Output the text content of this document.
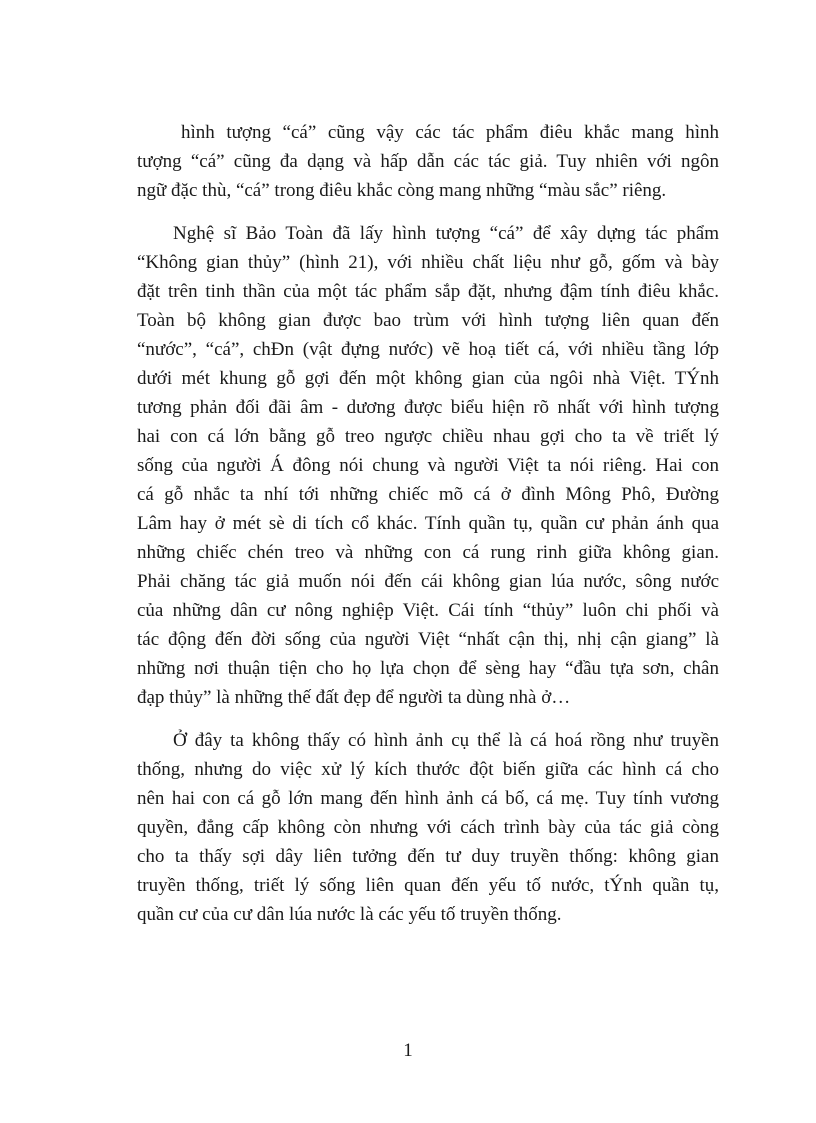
hình tượng “cá” cũng vậy các tác phẩm điêu khắc mang hình
tượng “cá” cũng đa dạng và hấp dẫn các tác giả. Tuy nhiên với ngôn
ngữ đặc thù, “cá” trong điêu khắc còng mang những “màu sắc” riêng.
Nghệ sĩ Bảo Toàn đã lấy hình tượng “cá” để xây dựng tác phẩm
“Không gian thủy” (hình 21), với nhiều chất liệu như gỗ, gốm và bày
đặt trên tinh thần của một tác phẩm sắp đặt, nhưng đậm tính điêu khắc.
Toàn bộ không gian được bao trùm với hình tượng liên quan đến
“nước”, “cá”, chĐn (vật đựng nước) vẽ hoạ tiết cá, với nhiều tầng lớp
dưới mét khung gỗ gợi đến một không gian của ngôi nhà Việt. TÝnh
tương phản đối đãi âm - dương được biểu hiện rõ nhất với hình tượng
hai con cá lớn bằng gỗ treo ngược chiều nhau gợi cho ta về triết lý
sống của người Á đông nói chung và người Việt ta nói riêng. Hai con
cá gỗ nhắc ta nhí tới những chiếc mõ cá ở đình Mông Phô, Đường
Lâm hay ở mét sè di tích cổ khác. Tính quần tụ, quần cư phản ánh qua
những chiếc chén treo và những con cá rung rinh giữa không gian.
Phải chăng tác giả muốn nói đến cái không gian lúa nước, sông nước
của những dân cư nông nghiệp Việt. Cái tính “thủy” luôn chi phối và
tác động đến đời sống của người Việt “nhất cận thị, nhị cận giang” là
những nơi thuận tiện cho họ lựa chọn để sèng hay “đầu tựa sơn, chân
đạp thủy” là những thế đất đẹp để người ta dùng nhà ở…
Ở đây ta không thấy có hình ảnh cụ thể là cá hoá rồng như truyền
thống, nhưng do việc xử lý kích thước đột biến giữa các hình cá cho
nên hai con cá gỗ lớn mang đến hình ảnh cá bố, cá mẹ. Tuy tính vương
quyền, đẳng cấp không còn nhưng với cách trình bày của tác giả còng
cho ta thấy sợi dây liên tưởng đến tư duy truyền thống: không gian
truyền thống, triết lý sống liên quan đến yếu tố nước, tÝnh quần tụ,
quần cư của cư dân lúa nước là các yếu tố truyền thống.
1
